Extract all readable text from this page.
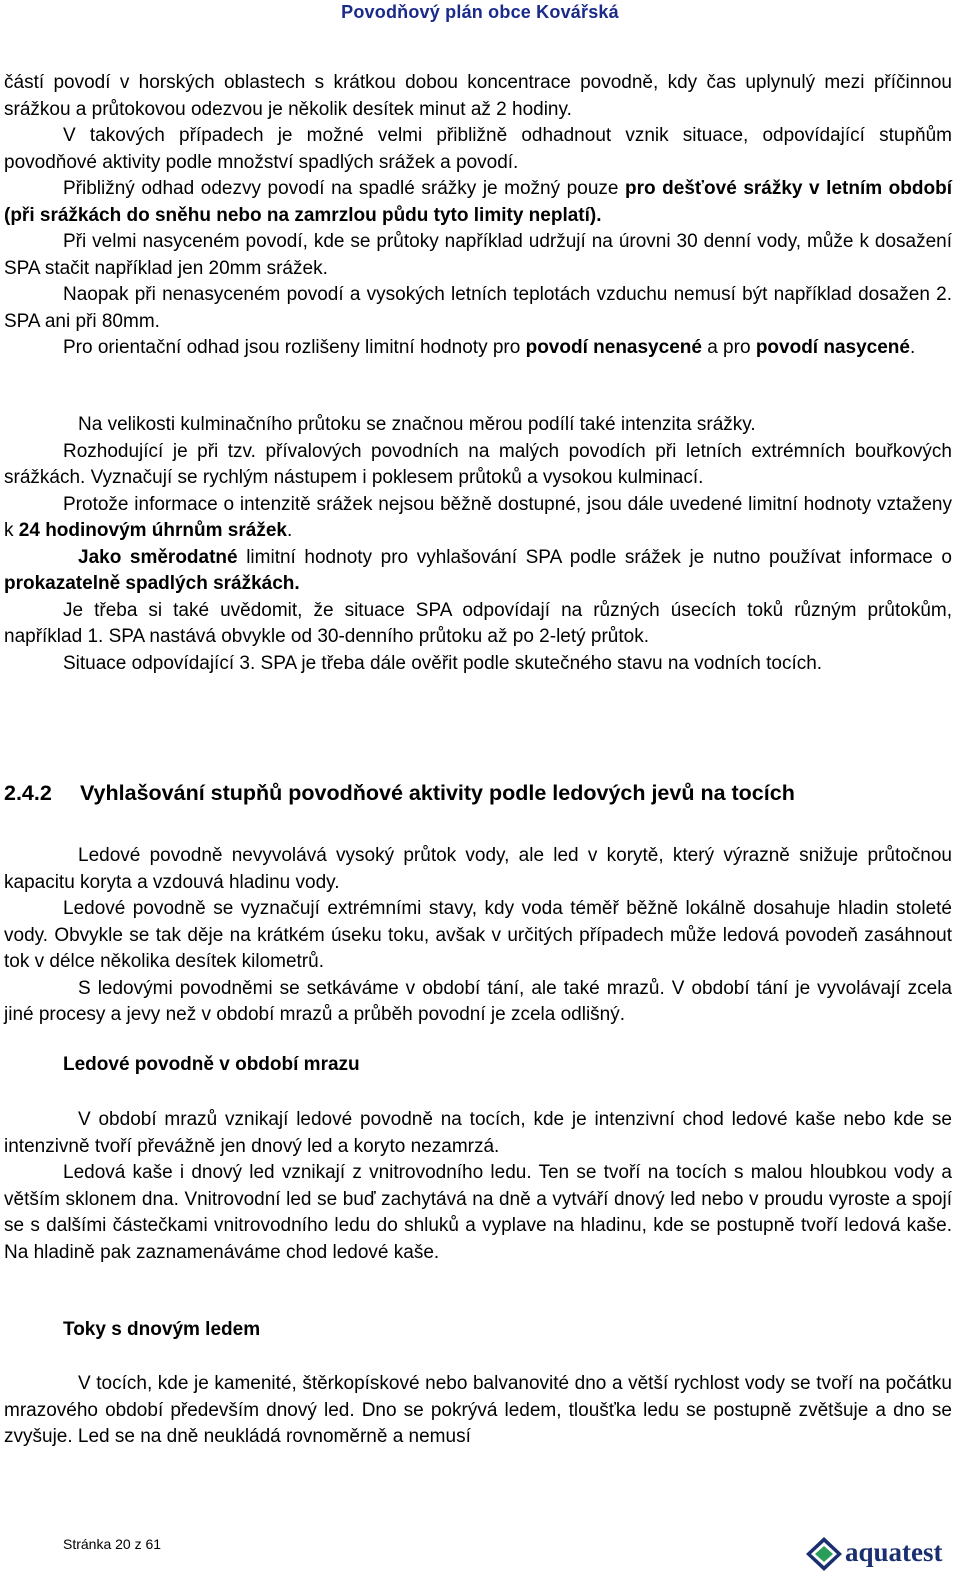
Povodňový plán obce Kovářská

částí povodí v horských oblastech s krátkou dobou koncentrace povodně, kdy čas uplynulý mezi příčinnou srážkou a průtokovou odezvou je několik desítek minut až 2 hodiny.

V takových případech je možné velmi přibližně odhadnout vznik situace, odpovídající stupňům povodňové aktivity podle množství spadlých srážek a povodí.

Přibližný odhad odezvy povodí na spadlé srážky je možný pouze pro dešťové srážky v letním období (při srážkách do sněhu nebo na zamrzlou půdu tyto limity neplatí).

Při velmi nasyceném povodí, kde se průtoky například udržují na úrovni 30 denní vody, může k dosažení SPA stačit například jen 20mm srážek.

Naopak při nenasyceném povodí a vysokých letních teplotách vzduchu nemusí být například dosažen 2. SPA ani při 80mm.

Pro orientační odhad jsou rozlišeny limitní hodnoty pro povodí nenasycené a pro povodí nasycené.

Na velikosti kulminačního průtoku se značnou měrou podílí také intenzita srážky.

Rozhodující je při tzv. přívalových povodních na malých povodích při letních extrémních bouřkových srážkách. Vyznačují se rychlým nástupem i poklesem průtoků a vysokou kulminací.

Protože informace o intenzitě srážek nejsou běžně dostupné, jsou dále uvedené limitní hodnoty vztaženy k 24 hodinovým úhrnům srážek.

Jako směrodatné limitní hodnoty pro vyhlašování SPA podle srážek je nutno používat informace o prokazatelně spadlých srážkách.

Je třeba si také uvědomit, že situace SPA odpovídají na různých úsecích toků různým průtokům, například 1. SPA nastává obvykle od 30-denního průtoku až po 2-letý průtok.

Situace odpovídající 3. SPA je třeba dále ověřit podle skutečného stavu na vodních tocích.

2.4.2 Vyhlašování stupňů povodňové aktivity podle ledových jevů na tocích

Ledové povodně nevyvolává vysoký průtok vody, ale led v korytě, který výrazně snižuje průtočnou kapacitu koryta a vzdouvá hladinu vody.

Ledové povodně se vyznačují extrémními stavy, kdy voda téměř běžně lokálně dosahuje hladin stoleté vody. Obvykle se tak děje na krátkém úseku toku, avšak v určitých případech může ledová povodeň zasáhnout tok v délce několika desítek kilometrů.

S ledovými povodněmi se setkáváme v období tání, ale také mrazů. V období tání je vyvolávají zcela jiné procesy a jevy než v období mrazů a průběh povodní je zcela odlišný.

Ledové povodně v období mrazu

V období mrazů vznikají ledové povodně na tocích, kde je intenzivní chod ledové kaše nebo kde se intenzivně tvoří převážně jen dnový led a koryto nezamrzá.

Ledová kaše i dnový led vznikají z vnitrovodního ledu. Ten se tvoří na tocích s malou hloubkou vody a větším sklonem dna. Vnitrovodní led se buď zachytává na dně a vytváří dnový led nebo v proudu vyroste a spojí se s dalšími částečkami vnitrovodního ledu do shluků a vyplave na hladinu, kde se postupně tvoří ledová kaše. Na hladině pak zaznamenáváme chod ledové kaše.

Toky s dnovým ledem

V tocích, kde je kamenité, štěrkopískové nebo balvanovité dno a větší rychlost vody se tvoří na počátku mrazového období především dnový led. Dno se pokrývá ledem, tloušťka ledu se postupně zvětšuje a dno se zvyšuje. Led se na dně neukládá rovnoměrně a nemusí

Stránka 20 z 61	aquatest
